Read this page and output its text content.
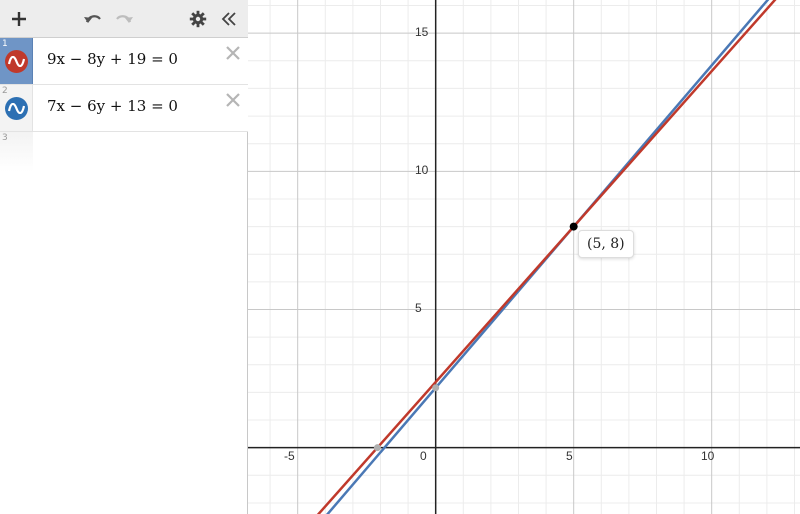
1
9x − 8y + 19 = 0
2
7x − 6y + 13 = 0
3
-5	0	5	10
5
10
15
(5, 8)
